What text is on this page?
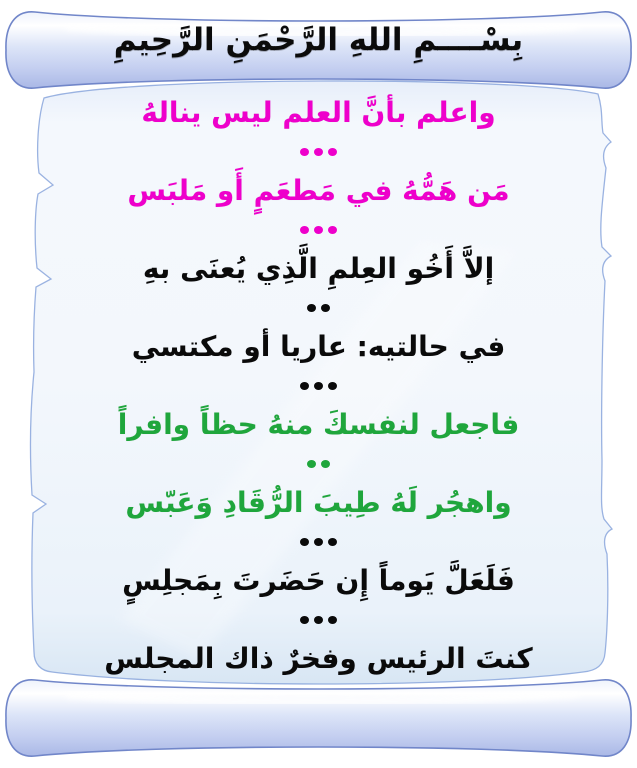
بِسْــــمِ اللهِ الرَّحْمَنِ الرَّحِيمِ
واعلم بأنَّ العلم ليس ينالهُ
مَن هَمُّهُ في مَطعَمٍ أَو مَلبَس
إلاَّ أَخُو العِلمِ الَّذِي يُعنَى بهِ
في حالتيه: عاريا أو مكتسي
فاجعل لنفسكَ منهُ حظاً وافراً
واهجُر لَهُ طِيبَ الرُّقَادِ وَعَبّس
فَلَعَلَّ يَوماً إِن حَضَرتَ بِمَجلِسٍ
كنتَ الرئيس وفخرٌ ذاك المجلس
